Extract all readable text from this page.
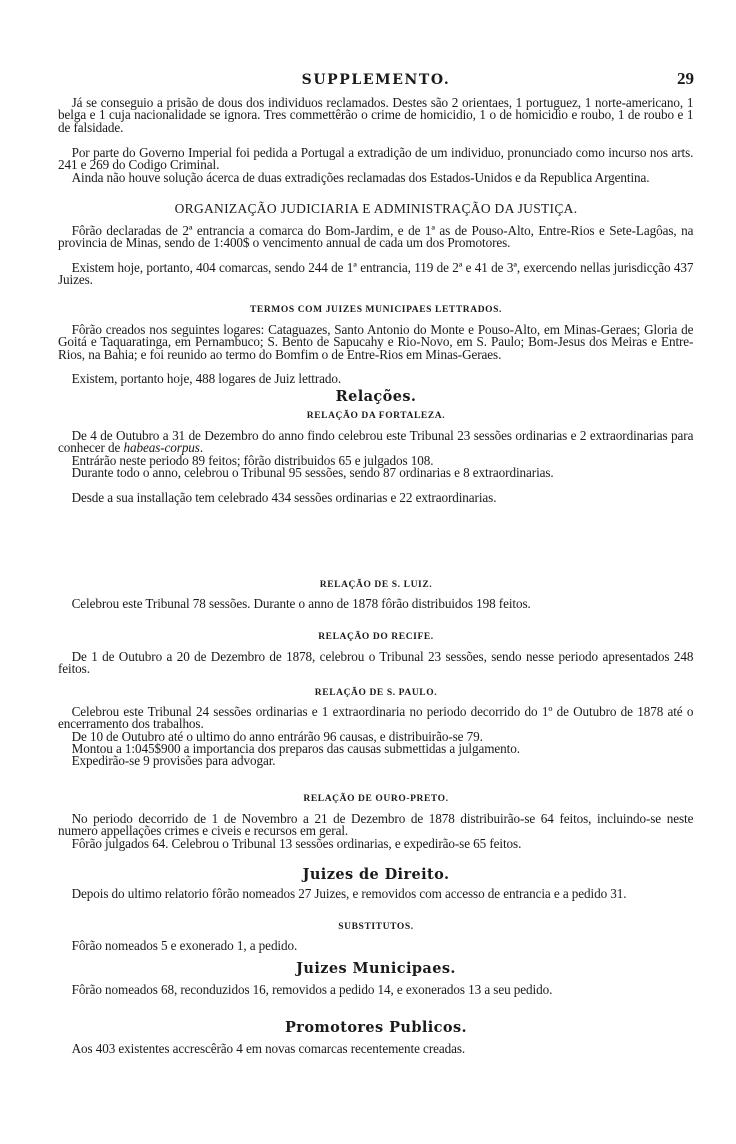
SUPPLEMENTO.	29
Já se conseguio a prisão de dous dos individuos reclamados. Destes são 2 orientaes, 1 portuguez, 1 norte-americano, 1 belga e 1 cuja nacionalidade se ignora. Tres commettêrão o crime de homicidio, 1 o de homicidio e roubo, 1 de roubo e 1 de falsidade.
Por parte do Governo Imperial foi pedida a Portugal a extradição de um individuo, pronunciado como incurso nos arts. 241 e 269 do Codigo Criminal.
Ainda não houve solução ácerca de duas extradições reclamadas dos Estados-Unidos e da Republica Argentina.
ORGANIZAÇÃO JUDICIARIA E ADMINISTRAÇÃO DA JUSTIÇA.
Fôrão declaradas de 2ª entrancia a comarca do Bom-Jardim, e de 1ª as de Pouso-Alto, Entre-Rios e Sete-Lagôas, na provincia de Minas, sendo de 1:400$ o vencimento annual de cada um dos Promotores.
Existem hoje, portanto, 404 comarcas, sendo 244 de 1ª entrancia, 119 de 2ª e 41 de 3ª, exercendo nellas jurisdicção 437 Juizes.
TERMOS COM JUIZES MUNICIPAES LETTRADOS.
Fôrão creados nos seguintes logares: Cataguazes, Santo Antonio do Monte e Pouso-Alto, em Minas-Geraes; Gloria de Goitá e Taquaratinga, em Pernambuco; S. Bento de Sapucahy e Rio-Novo, em S. Paulo; Bom-Jesus dos Meiras e Entre-Rios, na Bahia; e foi reunido ao termo do Bomfim o de Entre-Rios em Minas-Geraes.
Existem, portanto hoje, 488 logares de Juiz lettrado.
Relações.
RELAÇÃO DA FORTALEZA.
De 4 de Outubro a 31 de Dezembro do anno findo celebrou este Tribunal 23 sessões ordinarias e 2 extraordinarias para conhecer de habeas-corpus.
Entrárão neste periodo 89 feitos; fôrão distribuidos 65 e julgados 108.
Durante todo o anno, celebrou o Tribunal 95 sessões, sendo 87 ordinarias e 8 extraordinarias.
Desde a sua installação tem celebrado 434 sessões ordinarias e 22 extraordinarias.
RELAÇÃO DE S. LUIZ.
Celebrou este Tribunal 78 sessões. Durante o anno de 1878 fôrão distribuidos 198 feitos.
RELAÇÃO DO RECIFE.
De 1 de Outubro a 20 de Dezembro de 1878, celebrou o Tribunal 23 sessões, sendo nesse periodo apresentados 248 feitos.
RELAÇÃO DE S. PAULO.
Celebrou este Tribunal 24 sessões ordinarias e 1 extraordinaria no periodo decorrido do 1º de Outubro de 1878 até o encerramento dos trabalhos.
De 10 de Outubro até o ultimo do anno entrárão 96 causas, e distribuirão-se 79.
Montou a 1:045$900 a importancia dos preparos das causas submettidas a julgamento.
Expedirão-se 9 provisões para advogar.
RELAÇÃO DE OURO-PRETO.
No periodo decorrido de 1 de Novembro a 21 de Dezembro de 1878 distribuirão-se 64 feitos, incluindo-se neste numero appellações crimes e civeis e recursos em geral.
Fôrão julgados 64. Celebrou o Tribunal 13 sessões ordinarias, e expedirão-se 65 feitos.
Juizes de Direito.
Depois do ultimo relatorio fôrão nomeados 27 Juizes, e removidos com accesso de entrancia e a pedido 31.
SUBSTITUTOS.
Fôrão nomeados 5 e exonerado 1, a pedido.
Juizes Municipaes.
Fôrão nomeados 68, reconduzidos 16, removidos a pedido 14, e exonerados 13 a seu pedido.
Promotores Publicos.
Aos 403 existentes accrescêrão 4 em novas comarcas recentemente creadas.
